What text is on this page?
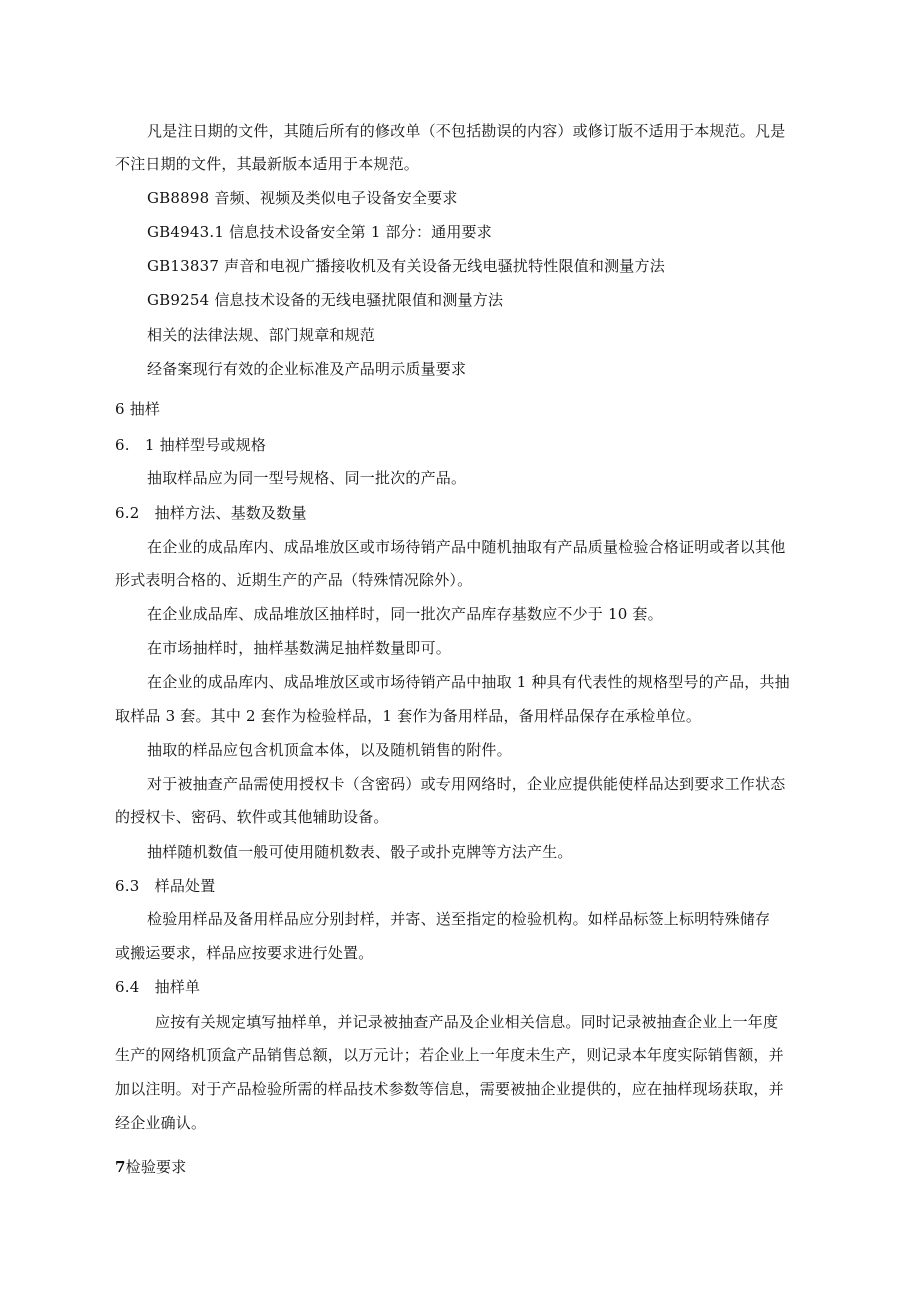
凡是注日期的文件，其随后所有的修改单（不包括勘误的内容）或修订版不适用于本规范。凡是
不注日期的文件，其最新版本适用于本规范。
GB8898 音频、视频及类似电子设备安全要求
GB4943.1 信息技术设备安全第 1 部分：通用要求
GB13837 声音和电视广播接收机及有关设备无线电骚扰特性限值和测量方法
GB9254 信息技术设备的无线电骚扰限值和测量方法
相关的法律法规、部门规章和规范
经备案现行有效的企业标准及产品明示质量要求
6 抽样
6.　1 抽样型号或规格
抽取样品应为同一型号规格、同一批次的产品。
6.2　抽样方法、基数及数量
在企业的成品库内、成品堆放区或市场待销产品中随机抽取有产品质量检验合格证明或者以其他
形式表明合格的、近期生产的产品（特殊情况除外）。
在企业成品库、成品堆放区抽样时，同一批次产品库存基数应不少于 10 套。
在市场抽样时，抽样基数满足抽样数量即可。
在企业的成品库内、成品堆放区或市场待销产品中抽取 1 种具有代表性的规格型号的产品，共抽
取样品 3 套。其中 2 套作为检验样品，1 套作为备用样品，备用样品保存在承检单位。
抽取的样品应包含机顶盒本体，以及随机销售的附件。
对于被抽查产品需使用授权卡（含密码）或专用网络时，企业应提供能使样品达到要求工作状态
的授权卡、密码、软件或其他辅助设备。
抽样随机数值一般可使用随机数表、骰子或扑克牌等方法产生。
6.3　样品处置
检验用样品及备用样品应分别封样，并寄、送至指定的检验机构。如样品标签上标明特殊储存
或搬运要求，样品应按要求进行处置。
6.4　抽样单
应按有关规定填写抽样单，并记录被抽查产品及企业相关信息。同时记录被抽查企业上一年度
生产的网络机顶盒产品销售总额，以万元计；若企业上一年度未生产，则记录本年度实际销售额，并
加以注明。对于产品检验所需的样品技术参数等信息，需要被抽企业提供的，应在抽样现场获取，并
经企业确认。
7检验要求
